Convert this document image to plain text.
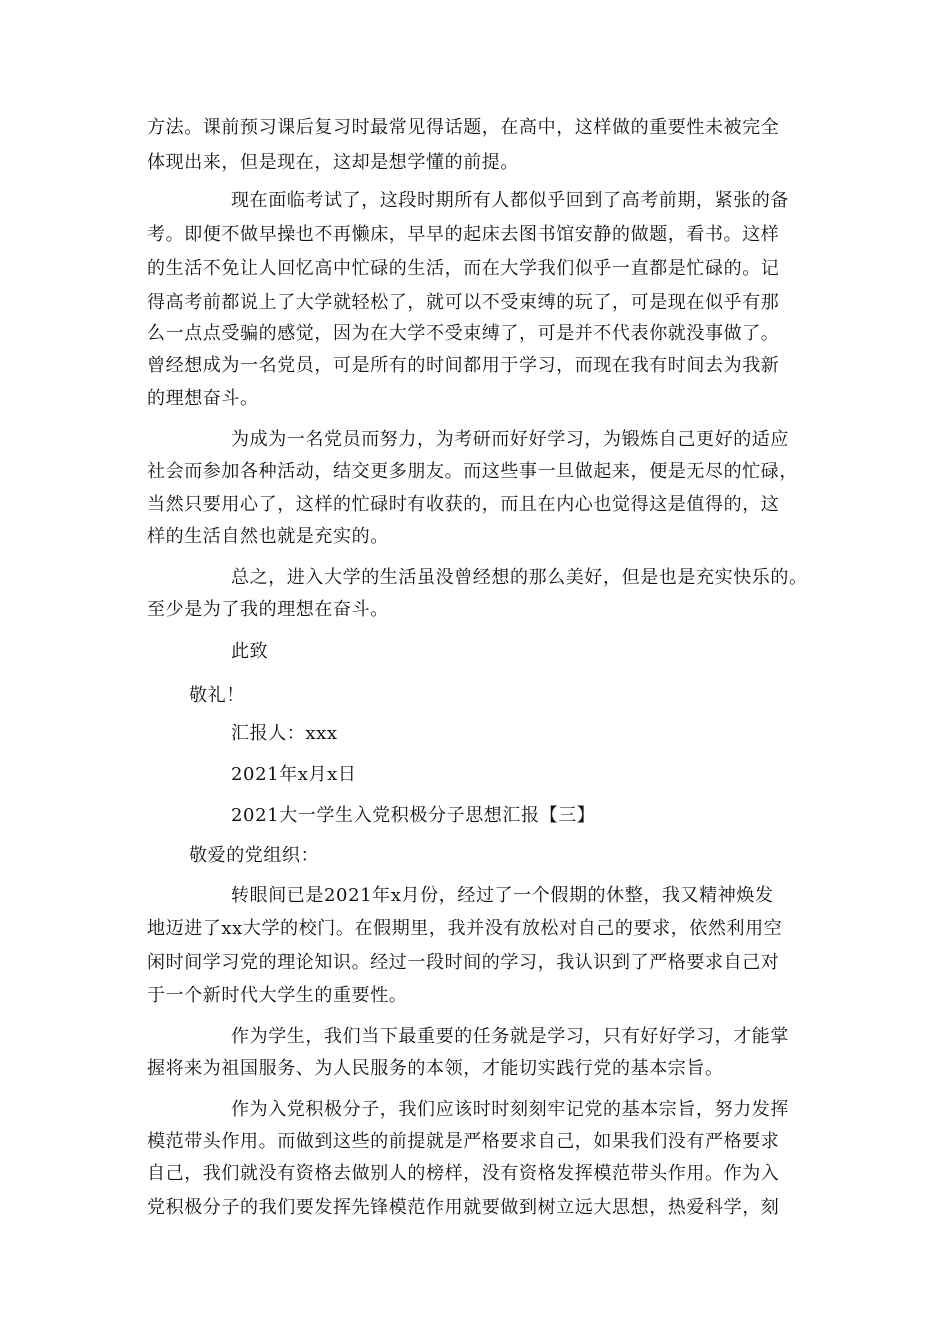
方法。课前预习课后复习时最常见得话题，在高中，这样做的重要性未被完全
体现出来，但是现在，这却是想学懂的前提。
现在面临考试了，这段时期所有人都似乎回到了高考前期，紧张的备
考。即便不做早操也不再懒床，早早的起床去图书馆安静的做题，看书。这样
的生活不免让人回忆高中忙碌的生活，而在大学我们似乎一直都是忙碌的。记
得高考前都说上了大学就轻松了，就可以不受束缚的玩了，可是现在似乎有那
么一点点受骗的感觉，因为在大学不受束缚了，可是并不代表你就没事做了。
曾经想成为一名党员，可是所有的时间都用于学习，而现在我有时间去为我新
的理想奋斗。
为成为一名党员而努力，为考研而好好学习，为锻炼自己更好的适应
社会而参加各种活动，结交更多朋友。而这些事一旦做起来，便是无尽的忙碌，
当然只要用心了，这样的忙碌时有收获的，而且在内心也觉得这是值得的，这
样的生活自然也就是充实的。
总之，进入大学的生活虽没曾经想的那么美好，但是也是充实快乐的。
至少是为了我的理想在奋斗。
此致
敬礼！
汇报人：xxx
2021年x月x日
2021大一学生入党积极分子思想汇报【三】
敬爱的党组织：
转眼间已是2021年x月份，经过了一个假期的休整，我又精神焕发
地迈进了xx大学的校门。在假期里，我并没有放松对自己的要求，依然利用空
闲时间学习党的理论知识。经过一段时间的学习，我认识到了严格要求自己对
于一个新时代大学生的重要性。
作为学生，我们当下最重要的任务就是学习，只有好好学习，才能掌
握将来为祖国服务、为人民服务的本领，才能切实践行党的基本宗旨。
作为入党积极分子，我们应该时时刻刻牢记党的基本宗旨，努力发挥
模范带头作用。而做到这些的前提就是严格要求自己，如果我们没有严格要求
自己，我们就没有资格去做别人的榜样，没有资格发挥模范带头作用。作为入
党积极分子的我们要发挥先锋模范作用就要做到树立远大思想，热爱科学，刻
